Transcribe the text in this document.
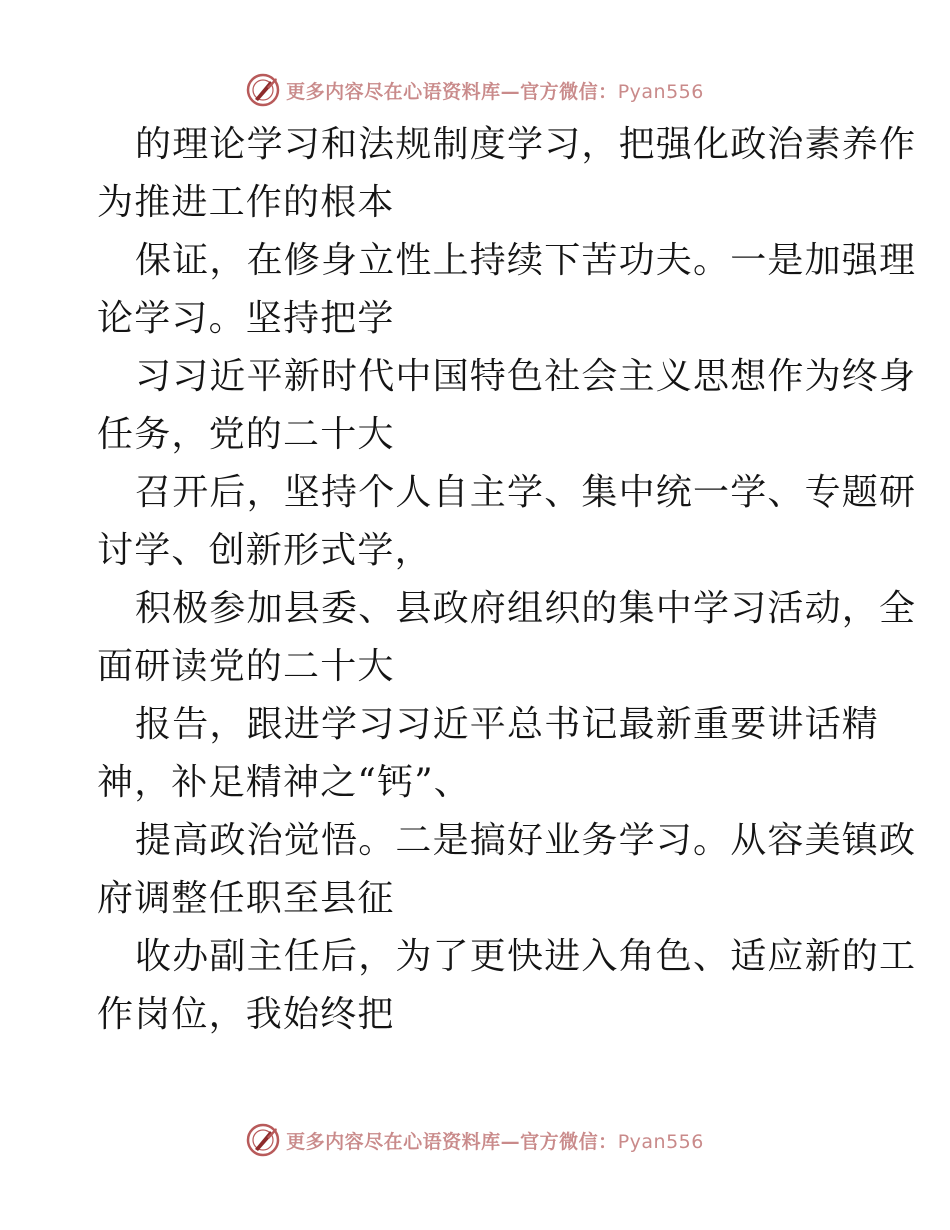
更多内容尽在心语资料库—官方微信：Pyan556

的理论学习和法规制度学习，把强化政治素养作
为推进工作的根本

保证，在修身立性上持续下苦功夫。一是加强理
论学习。坚持把学

习习近平新时代中国特色社会主义思想作为终身
任务，党的二十大

召开后，坚持个人自主学、集中统一学、专题研
讨学、创新形式学，

积极参加县委、县政府组织的集中学习活动，全
面研读党的二十大

报告，跟进学习习近平总书记最新重要讲话精
神，补足精神之“钙”、

提高政治觉悟。二是搞好业务学习。从容美镇政
府调整任职至县征

收办副主任后，为了更快进入角色、适应新的工
作岗位，我始终把

更多内容尽在心语资料库—官方微信：Pyan556
